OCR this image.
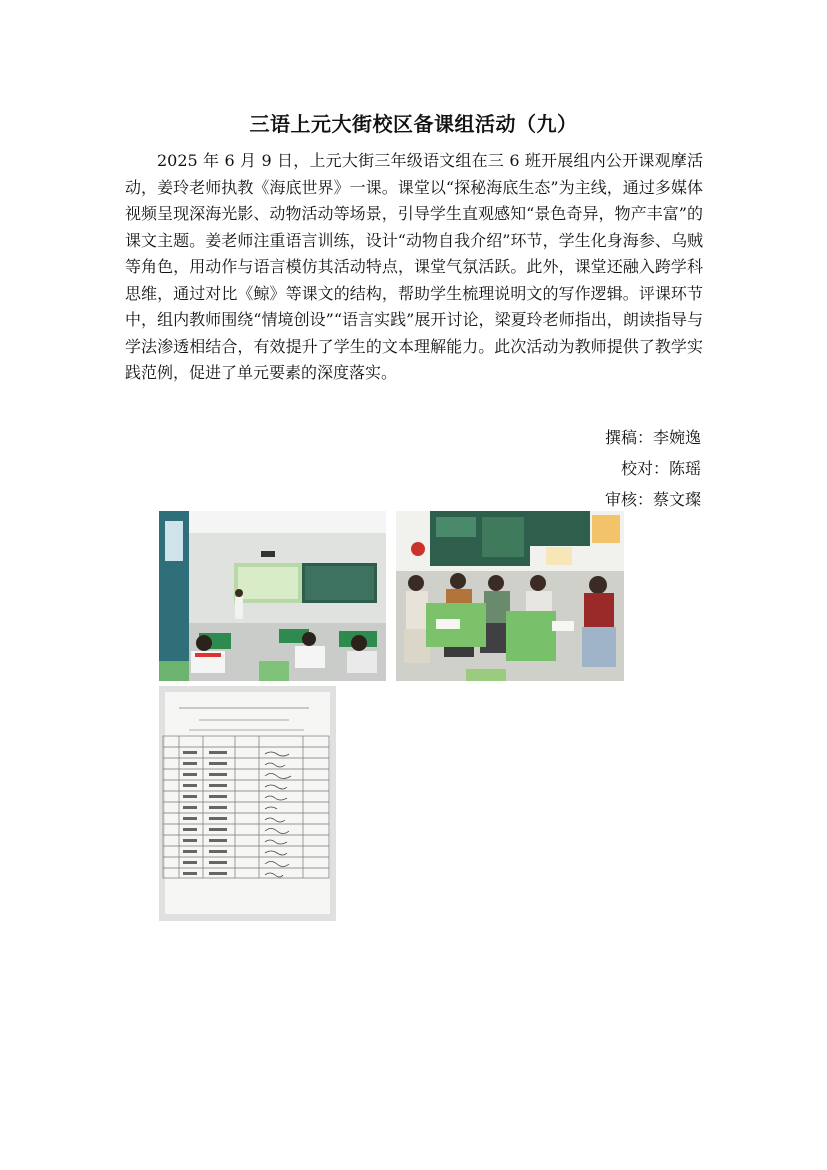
三语上元大街校区备课组活动（九）
2025 年 6 月 9 日，上元大街三年级语文组在三 6 班开展组内公开课观摩活动，姜玲老师执教《海底世界》一课。课堂以“探秘海底生态”为主线，通过多媒体视频呈现深海光影、动物活动等场景，引导学生直观感知“景色奇异，物产丰富”的课文主题。姜老师注重语言训练，设计“动物自我介绍”环节，学生化身海参、乌贼等角色，用动作与语言模仿其活动特点，课堂气氛活跃。此外，课堂还融入跨学科思维，通过对比《鲸》等课文的结构，帮助学生梳理说明文的写作逻辑。评课环节中，组内教师围绕“情境创设”“语言实践”展开讨论，梁夏玲老师指出，朗读指导与学法渗透相结合，有效提升了学生的文本理解能力。此次活动为教师提供了教学实践范例，促进了单元要素的深度落实。
撰稿：李婉逸
校对：陈瑶
审核：蔡文璨
